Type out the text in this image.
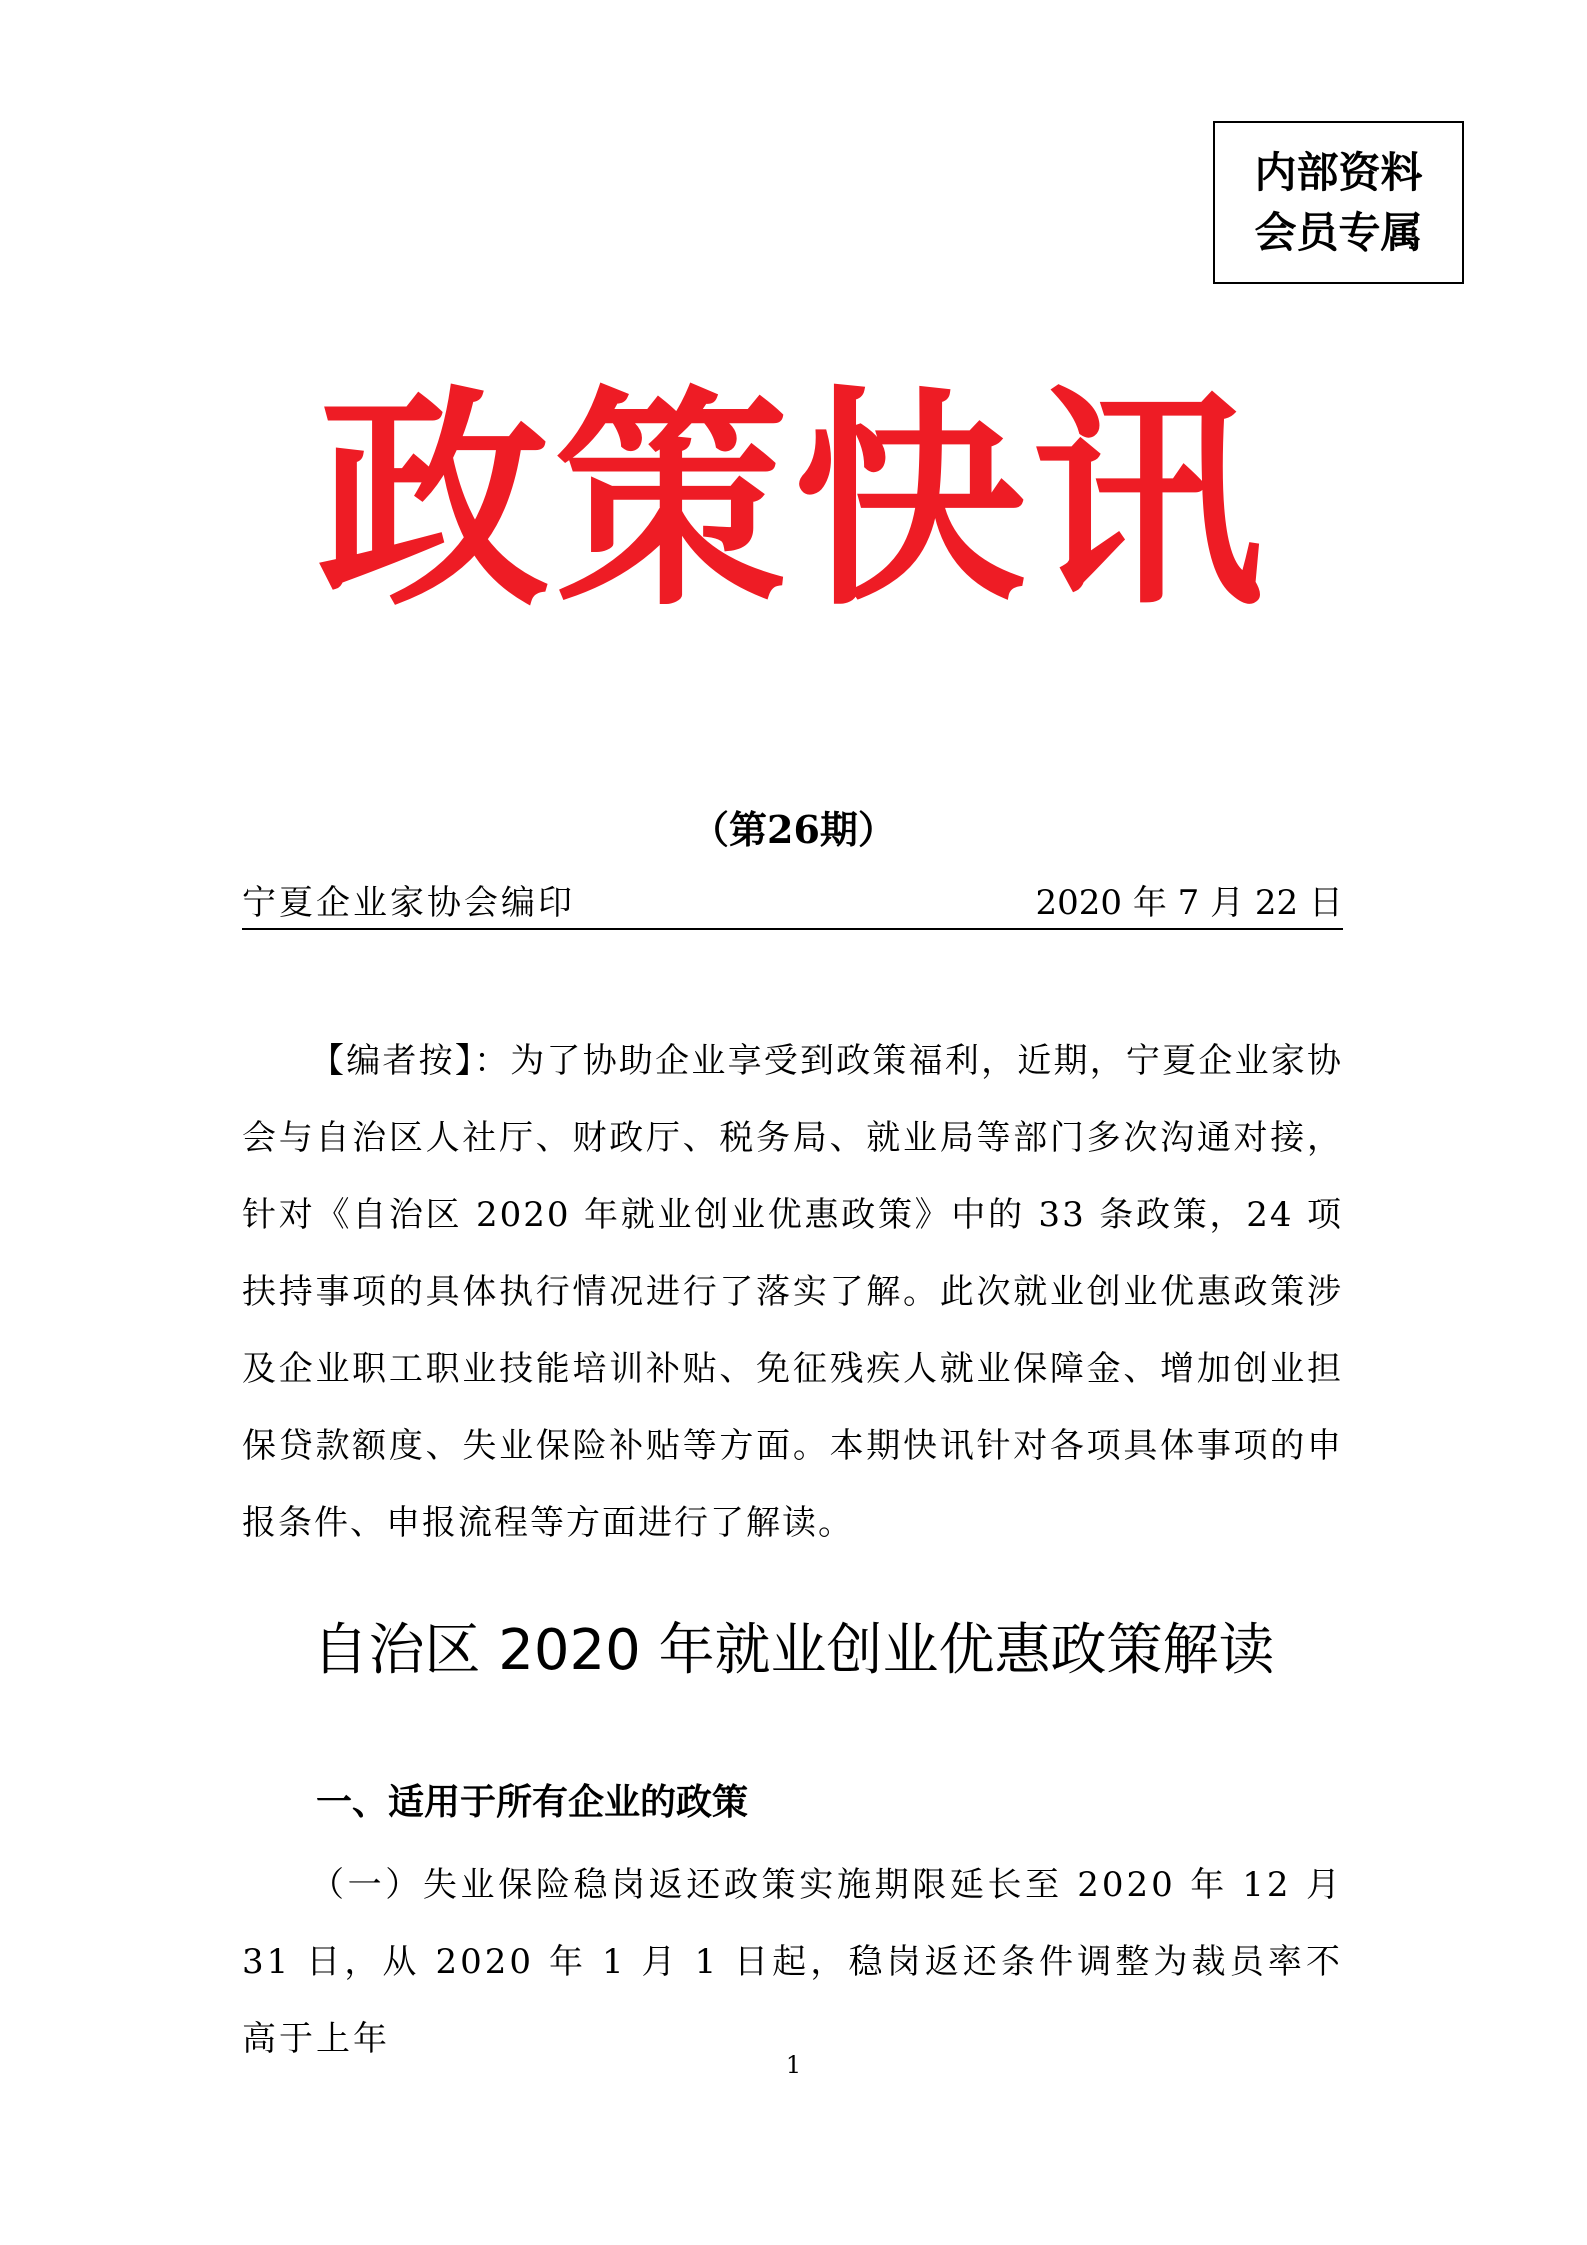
内部资料
会员专属
政策快讯
（第26期）
宁夏企业家协会编印	2020 年 7 月 22 日
【编者按】：为了协助企业享受到政策福利，近期，宁夏企业家协会与自治区人社厅、财政厅、税务局、就业局等部门多次沟通对接，针对《自治区 2020 年就业创业优惠政策》中的 33 条政策，24 项扶持事项的具体执行情况进行了落实了解。此次就业创业优惠政策涉及企业职工职业技能培训补贴、免征残疾人就业保障金、增加创业担保贷款额度、失业保险补贴等方面。本期快讯针对各项具体事项的申报条件、申报流程等方面进行了解读。
自治区 2020 年就业创业优惠政策解读
一、适用于所有企业的政策
（一）失业保险稳岗返还政策实施期限延长至 2020 年 12 月 31 日，从 2020 年 1 月 1 日起，稳岗返还条件调整为裁员率不高于上年
1
